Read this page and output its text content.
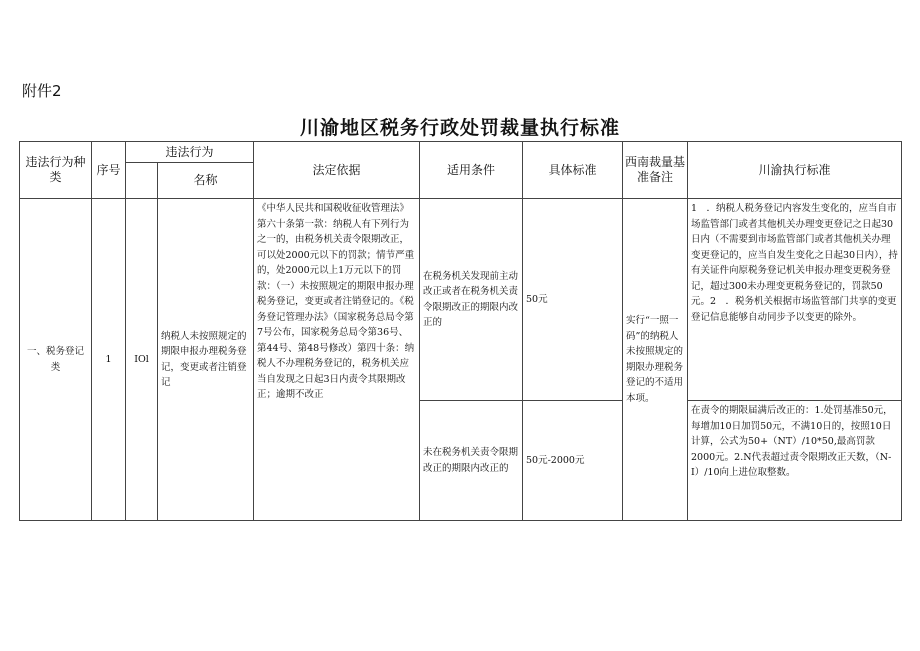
附件2
川渝地区税务行政处罚裁量执行标准
违法行为种类	序号	违法行为		法定依据	适用条件	具体标准	西南裁量基准备注	川渝执行标准
			名称					
一、税务登记类	1	IOl	纳税人未按照规定的期限申报办理税务登记，变更或者注销登记	《中华人民共和国税收征收管理法》第六十条第一款：纳税人有下列行为之一的，由税务机关责令限期改正，可以处2000元以下的罚款；情节严重的，处2000元以上1万元以下的罚款：（一）未按照规定的期限申报办理税务登记，变更或者注销登记的。《税务登记管理办法》（国家税务总局令第7号公布，国家税务总局令第36号、第44号、第48号修改）第四十条：纳税人不办理税务登记的，税务机关应当自发现之日起3日内责令其限期改正；逾期不改正	在税务机关发现前主动改正或者在税务机关责令限期改正的期限内改正的	50元	实行“一照一码”的纳税人未按照规定的期限办理税务登记的不适用本项。	1　．纳税人税务登记内容发生变化的，应当自市场监管部门或者其他机关办理变更登记之日起30日内（不需要到市场监管部门或者其他机关办理变更登记的，应当自发生变化之日起30日内），持有关证件向原税务登记机关申报办理变更税务登记，超过300未办理变更税务登记的，罚款50元。2　．税务机关根据市场监管部门共享的变更登记信息能够自动同步予以变更的除外。
					未在税务机关责令限期改正的期限内改正的	50元-2000元		在责令的期限届满后改正的：1.处罚基准50元，每增加10日加罚50元，不满10日的，按照10日计算，公式为50+（NT）/10*50,最高罚款2000元。2.N代表超过责令限期改正天数，（N-I）/10向上进位取整数。
